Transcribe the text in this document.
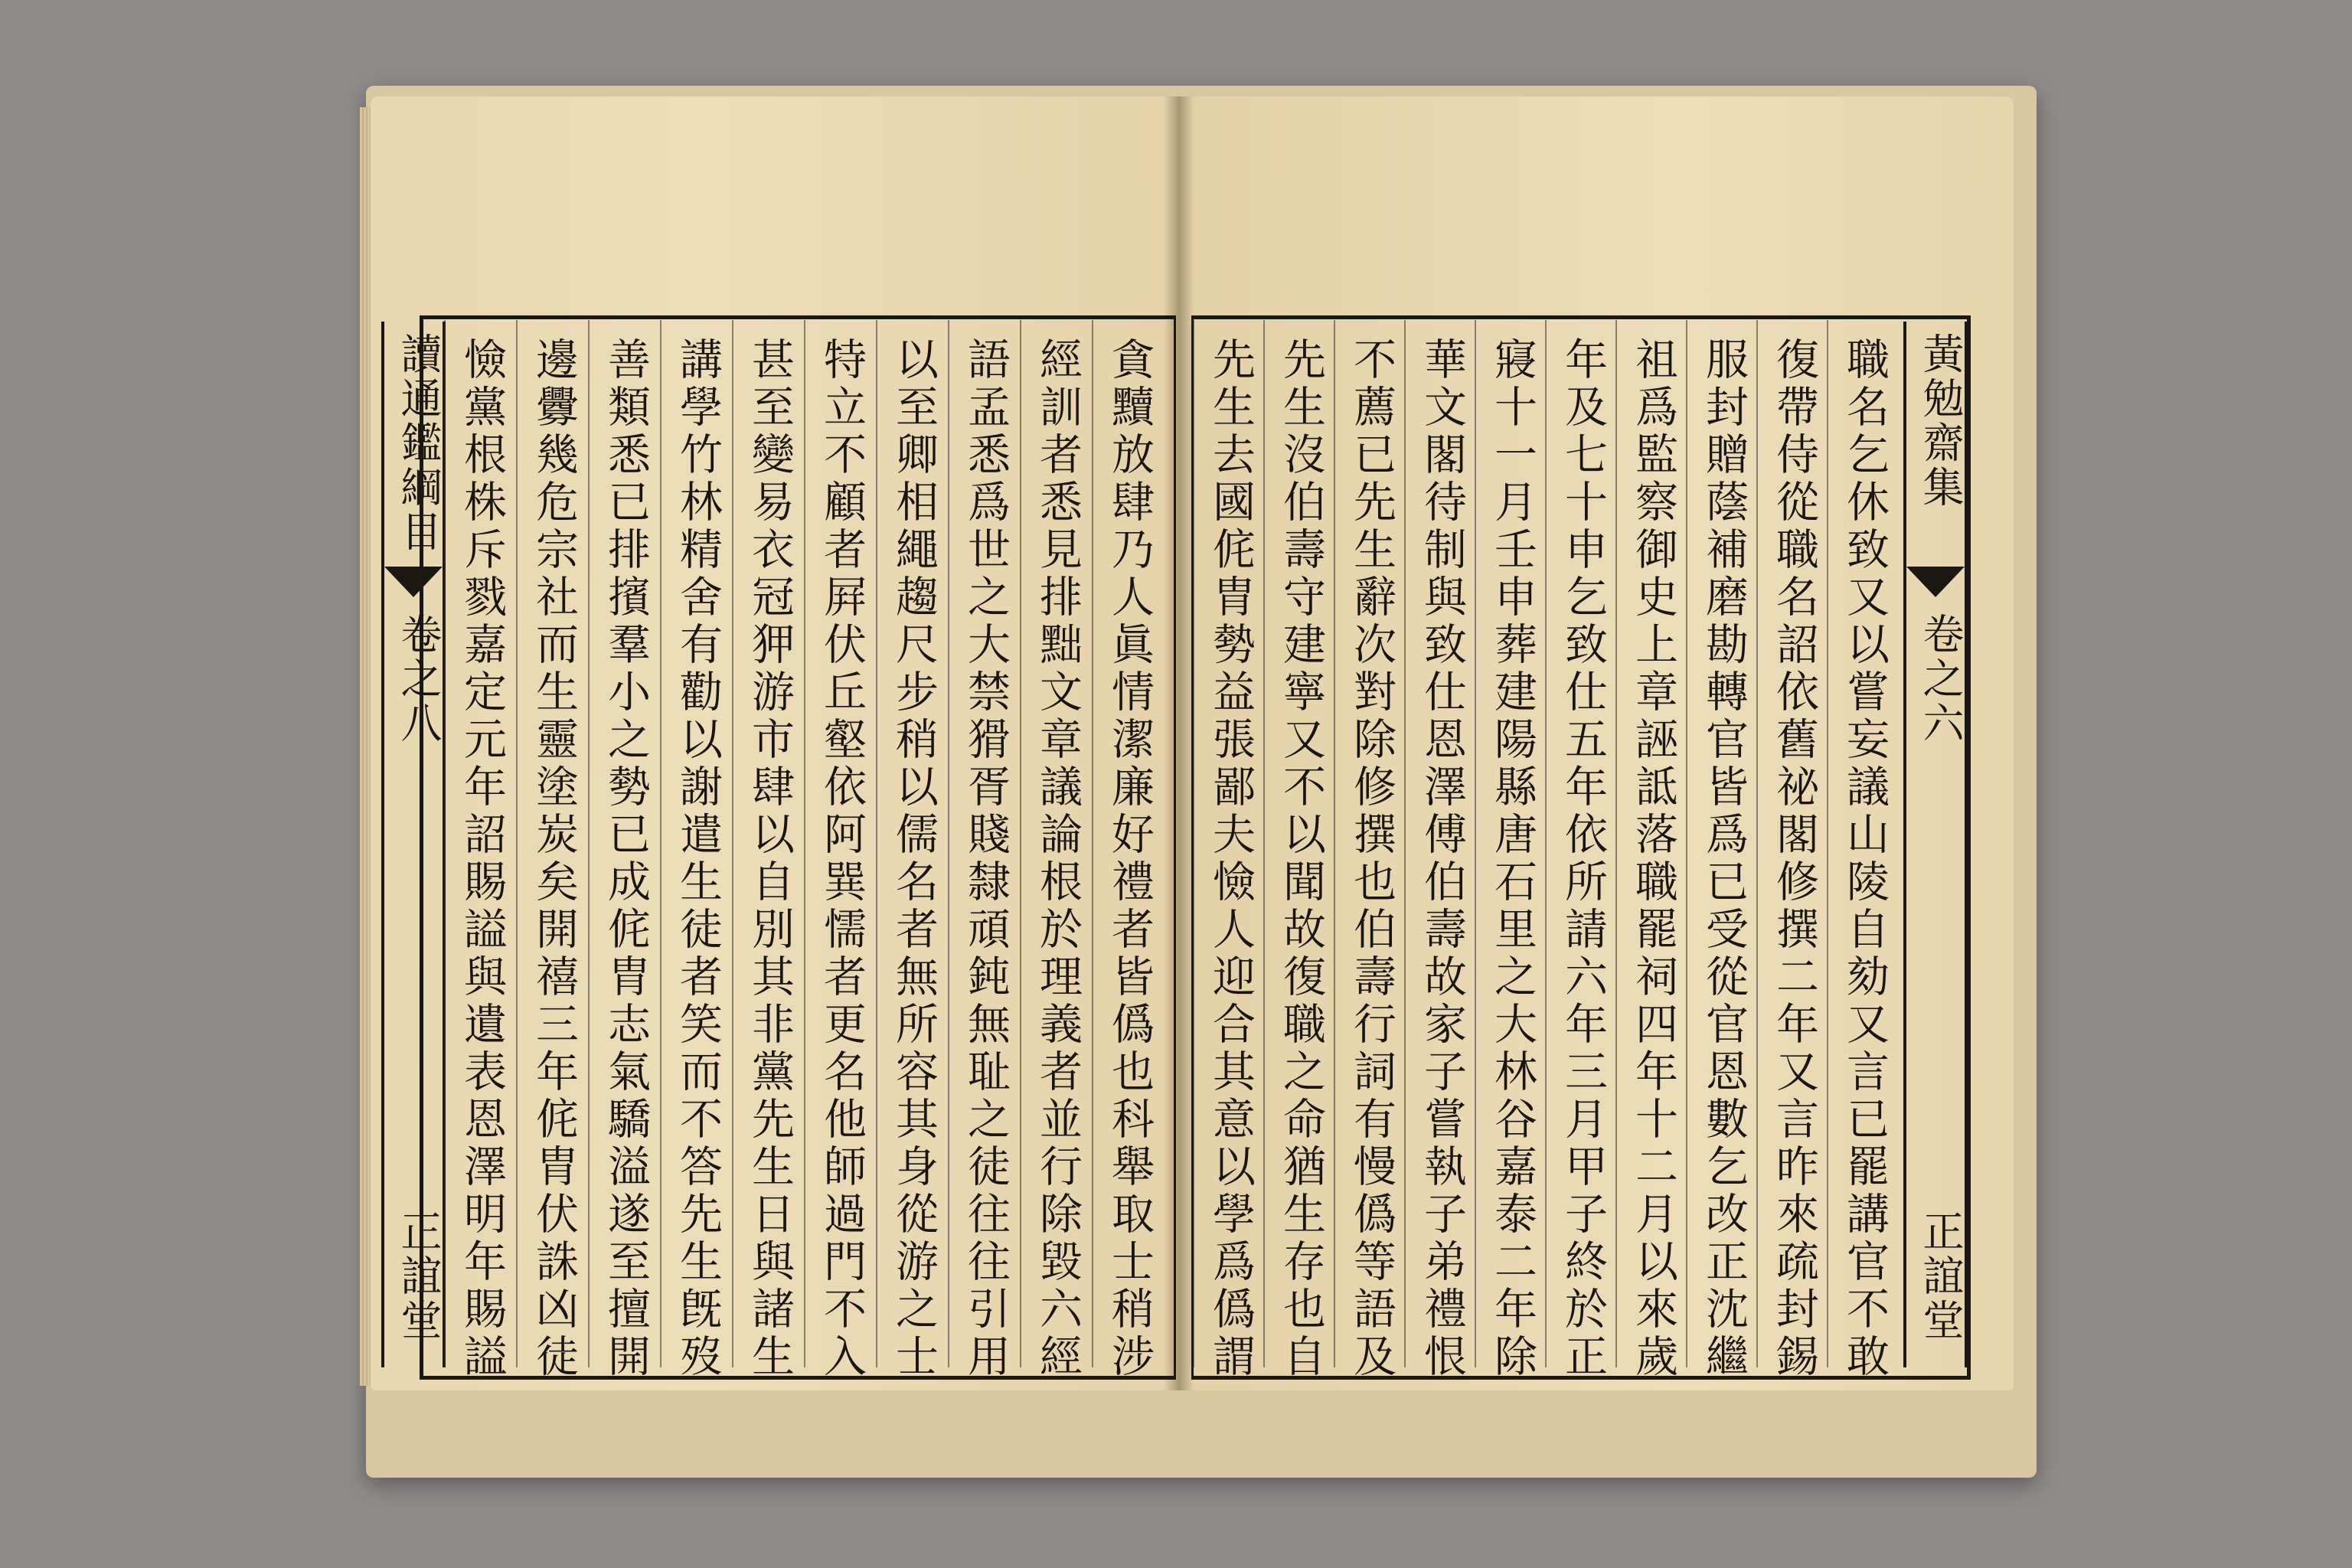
讀通鑑綱目
卷之八
正誼堂	貪黷放肆乃人眞情潔廉好禮者皆僞也科舉取士稍涉
經訓者悉見排黜文章議論根於理義者並行除毀六經
語孟悉爲世之大禁猾胥賤隸頑鈍無耻之徒往往引用
以至卿相繩趨尺步稍以儒名者無所容其身從游之士
特立不顧者屛伏丘壑依阿巽懦者更名他師過門不入
甚至變易衣冠狎游市肆以自別其非黨先生日與諸生
講學竹林精舍有勸以謝遣生徒者笑而不答先生旣歿
善類悉已排擯羣小之勢已成侂胄志氣驕溢遂至擅開
邊釁幾危宗社而生靈塗炭矣開禧三年侂胄伏誅凶徒
憸黨根株斥戮嘉定元年詔賜謚與遺表恩澤明年賜謚	黃勉齋集
卷之六
正誼堂
職名乞休致又以嘗妄議山陵自劾又言已罷講官不敢
復帶侍從職名詔依舊祕閣修撰二年又言昨來疏封錫
服封贈蔭補磨勘轉官皆爲已受從官恩數乞改正沈繼
祖爲監察御史上章誣詆落職罷祠四年十二月以來歲
年及七十申乞致仕五年依所請六年三月甲子終於正
寢十一月壬申葬建陽縣唐石里之大林谷嘉泰二年除
華文閣待制與致仕恩澤傅伯壽故家子嘗執子弟禮恨
不薦已先生辭次對除修撰也伯壽行詞有慢僞等語及
先生沒伯壽守建寧又不以聞故復職之命猶生存也自
先生去國侂胄勢益張鄙夫憸人迎合其意以學爲僞謂
